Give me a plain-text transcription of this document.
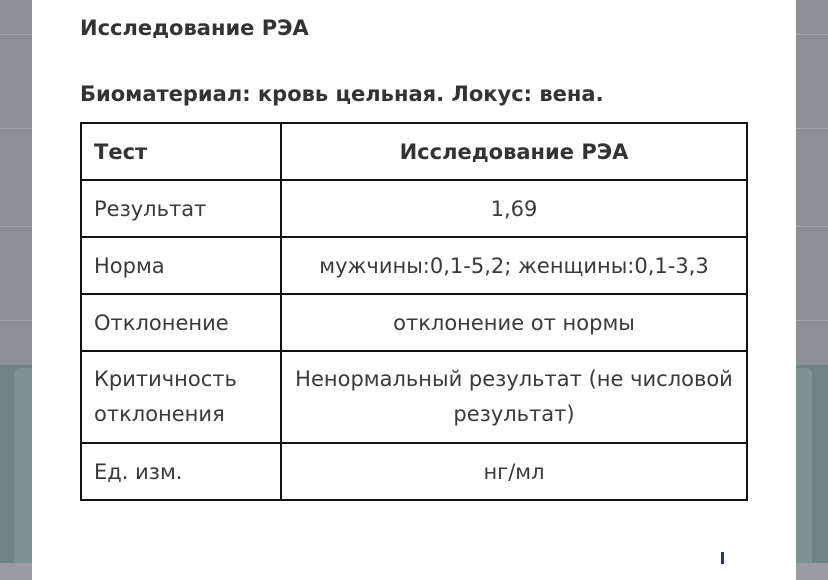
Исследование РЭА

Биоматериал: кровь цельная. Локус: вена.

Тест	Исследование РЭА
Результат	1,69
Норма	мужчины:0,1-5,2; женщины:0,1-3,3
Отклонение	отклонение от нормы
Критичность отклонения	Ненормальный результат (не числовой результат)
Ед. изм.	нг/мл
